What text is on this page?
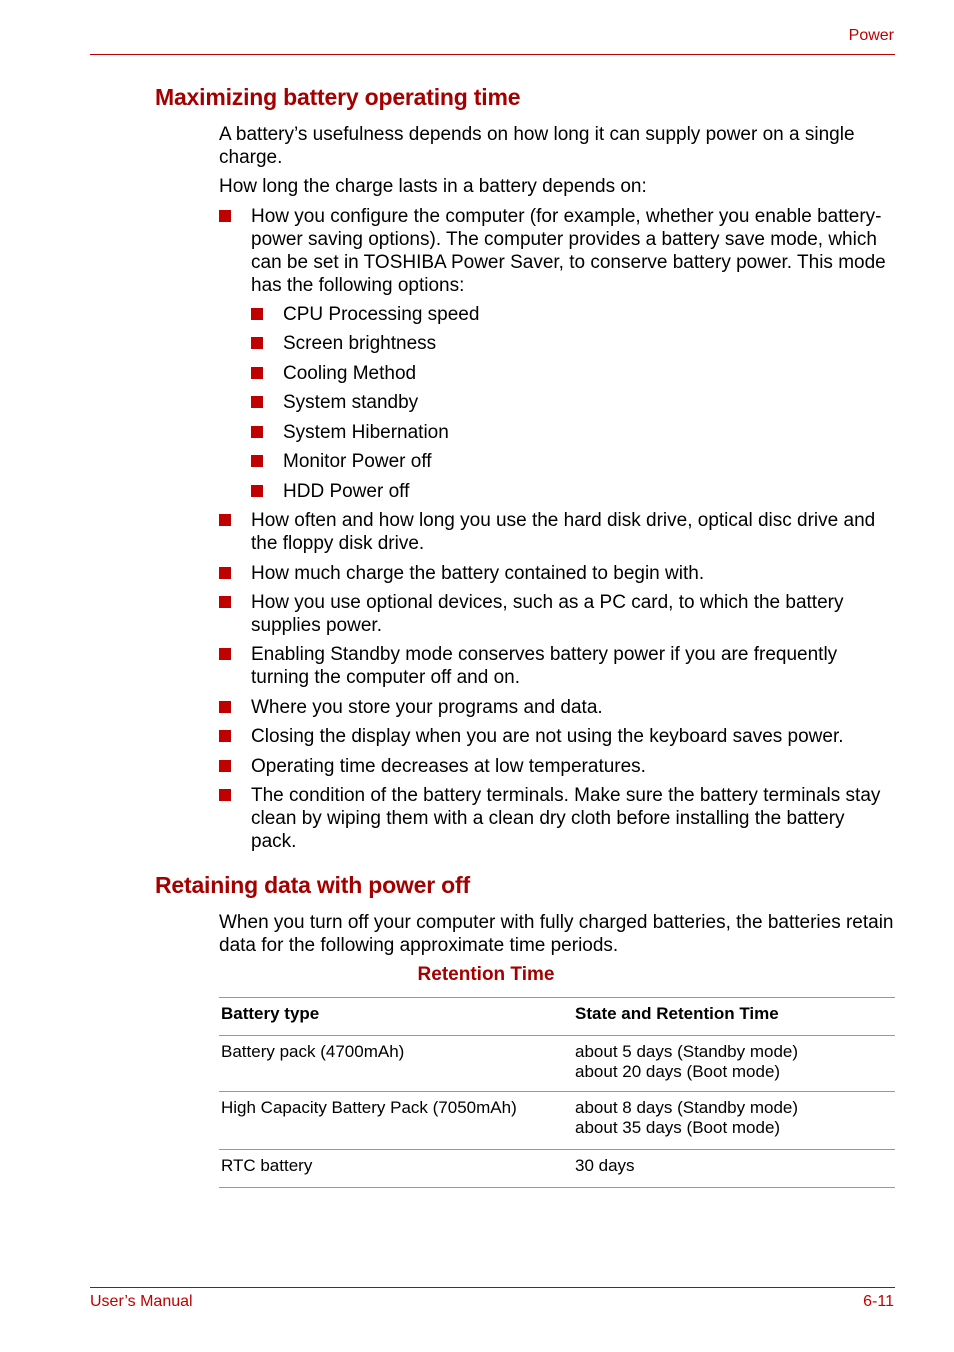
Power
Maximizing battery operating time

A battery’s usefulness depends on how long it can supply power on a single charge.

How long the charge lasts in a battery depends on:

How you configure the computer (for example, whether you enable battery-power saving options). The computer provides a battery save mode, which can be set in TOSHIBA Power Saver, to conserve battery power. This mode has the following options:
CPU Processing speed
Screen brightness
Cooling Method
System standby
System Hibernation
Monitor Power off
HDD Power off
How often and how long you use the hard disk drive, optical disc drive and the floppy disk drive.
How much charge the battery contained to begin with.
How you use optional devices, such as a PC card, to which the battery supplies power.
Enabling Standby mode conserves battery power if you are frequently turning the computer off and on.
Where you store your programs and data.
Closing the display when you are not using the keyboard saves power.
Operating time decreases at low temperatures.
The condition of the battery terminals. Make sure the battery terminals stay clean by wiping them with a clean dry cloth before installing the battery pack.
Retaining data with power off

When you turn off your computer with fully charged batteries, the batteries retain data for the following approximate time periods.

Retention Time
Battery type	State and Retention Time
Battery pack (4700mAh)	about 5 days (Standby mode)
about 20 days (Boot mode)

High Capacity Battery Pack (7050mAh)	about 8 days (Standby mode)
about 35 days (Boot mode)

RTC battery	30 days
User’s Manual	6-11
